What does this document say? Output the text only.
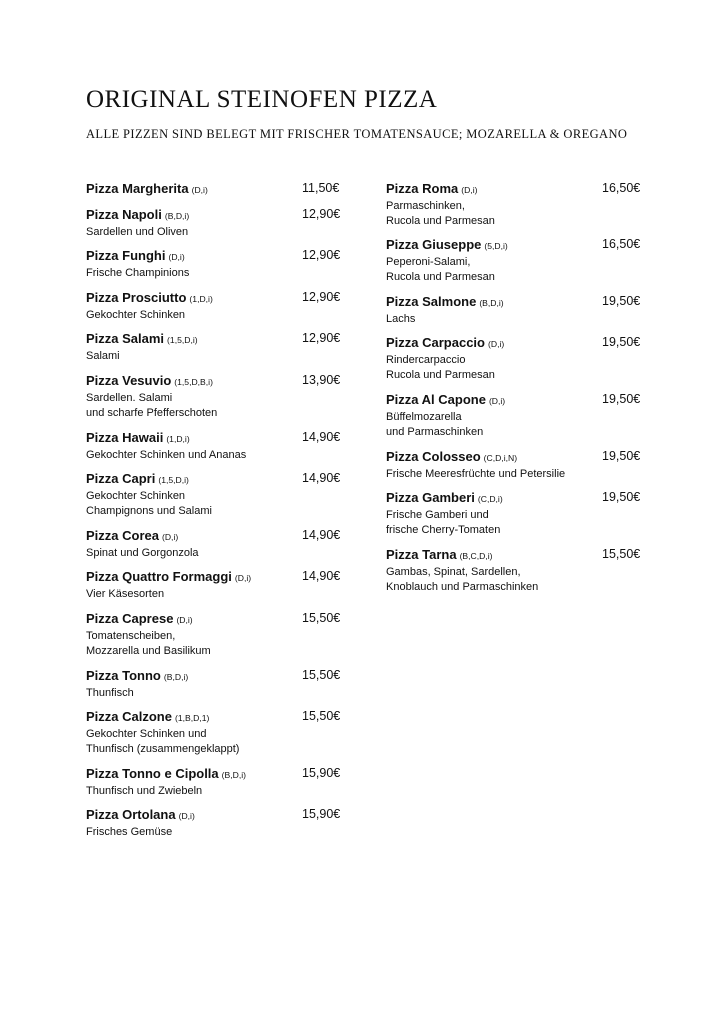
ORIGINAL STEINOFEN PIZZA
ALLE PIZZEN SIND BELEGT MIT FRISCHER TOMATENSAUCE; MOZARELLA & OREGANO
Pizza Margherita (D,i)	11,50€
Pizza Napoli (B,D,i)	12,90€
Sardellen und Oliven
Pizza Funghi (D,i)	12,90€
Frische Champinions
Pizza Prosciutto (1,D,i)	12,90€
Gekochter Schinken
Pizza Salami (1,5,D,i)	12,90€
Salami
Pizza Vesuvio (1,5,D,B,i)	13,90€
Sardellen. Salami
und scharfe Pfefferschoten
Pizza Hawaii (1,D,i)	14,90€
Gekochter Schinken und Ananas
Pizza Capri (1,5,D,i)	14,90€
Gekochter Schinken
Champignons und Salami
Pizza Corea (D,i)	14,90€
Spinat und Gorgonzola
Pizza Quattro Formaggi (D,i)	14,90€
Vier Käsesorten
Pizza Caprese (D,i)	15,50€
Tomatenscheiben,
Mozzarella und Basilikum
Pizza Tonno (B,D,i)	15,50€
Thunfisch
Pizza Calzone (1,B,D,1)	15,50€
Gekochter Schinken und
Thunfisch (zusammengeklappt)
Pizza Tonno e Cipolla (B,D,i)	15,90€
Thunfisch und Zwiebeln
Pizza Ortolana (D,i)	15,90€
Frisches Gemüse
Pizza Roma (D,i)	16,50€
Parmaschinken,
Rucola und Parmesan
Pizza Giuseppe (5,D,i)	16,50€
Peperoni-Salami,
Rucola und Parmesan
Pizza Salmone (B,D,i)	19,50€
Lachs
Pizza Carpaccio (D,i)	19,50€
Rindercarpaccio
Rucola und Parmesan
Pizza Al Capone (D,i)	19,50€
Büffelmozarella
und Parmaschinken
Pizza Colosseo (C,D,i,N)	19,50€
Frische Meeresfrüchte und Petersilie
Pizza Gamberi (C,D,i)	19,50€
Frische Gamberi und
frische Cherry-Tomaten
Pizza Tarna (B,C,D,i)	15,50€
Gambas, Spinat, Sardellen,
Knoblauch und Parmaschinken
